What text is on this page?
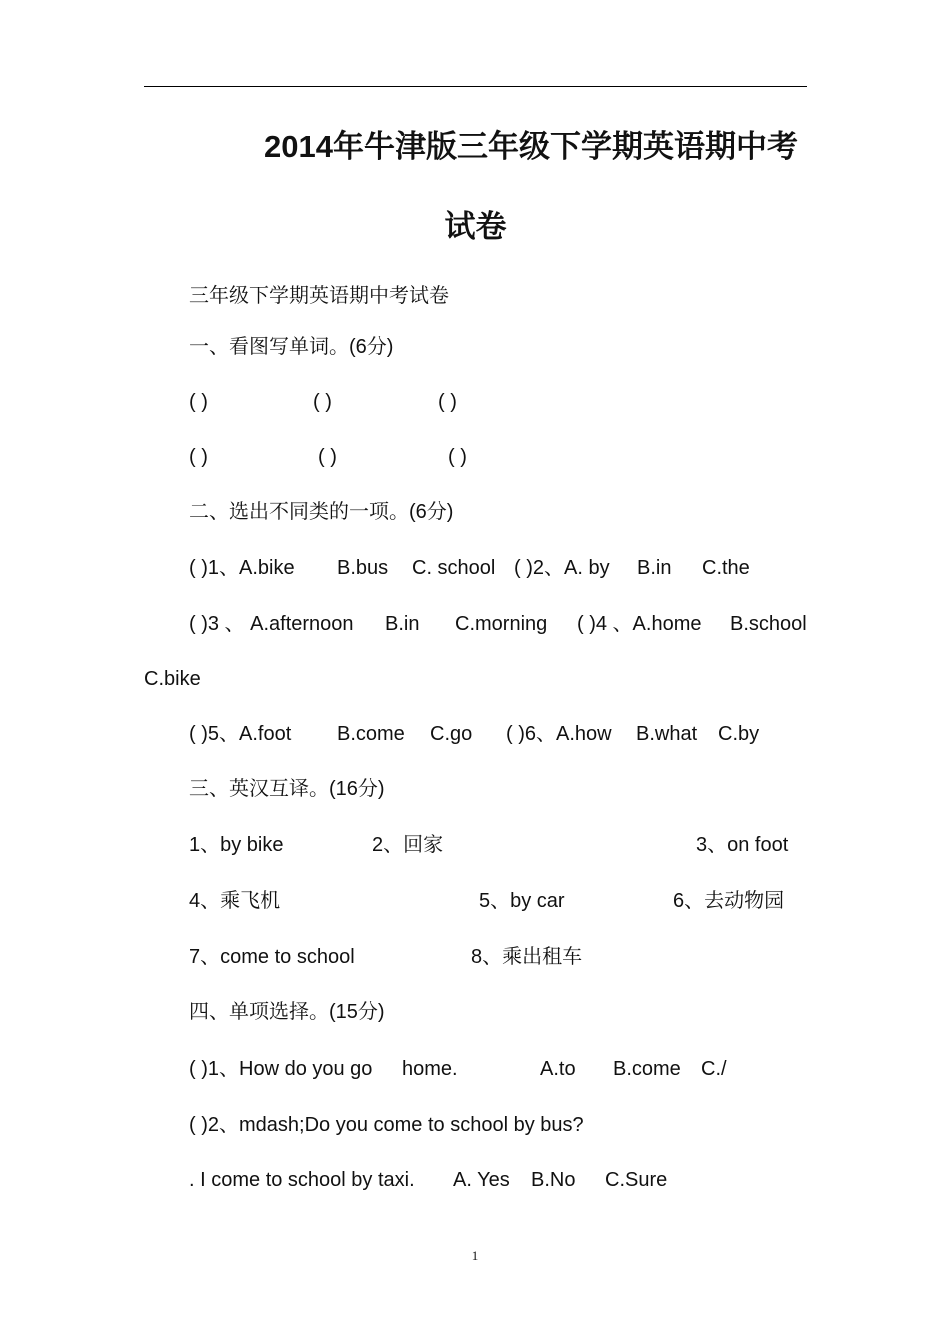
2014年牛津版三年级下学期英语期中考
试卷
三年级下学期英语期中考试卷
一、看图写单词。(6分)
( )	( )	( )
( )	( )	( )
二、选出不同类的一项。(6分)
( )1、A.bike B.bus C. school ( )2、A. by B.in C.the
( )3 、 A.afternoon B.in C.morning ( )4 、A.home B.school
C.bike
( )5、A.foot B.come C.go ( )6、A.how B.what C.by
三、英汉互译。(16分)
1、by bike	2、回家	3、on foot
4、乘飞机	5、by car	6、去动物园
7、come to school	8、乘出租车
四、单项选择。(15分)
( )1、How do you go home.	A.to B.come C./
( )2、mdash;Do you come to school by bus?
. I come to school by taxi. A. Yes B.No C.Sure
1
